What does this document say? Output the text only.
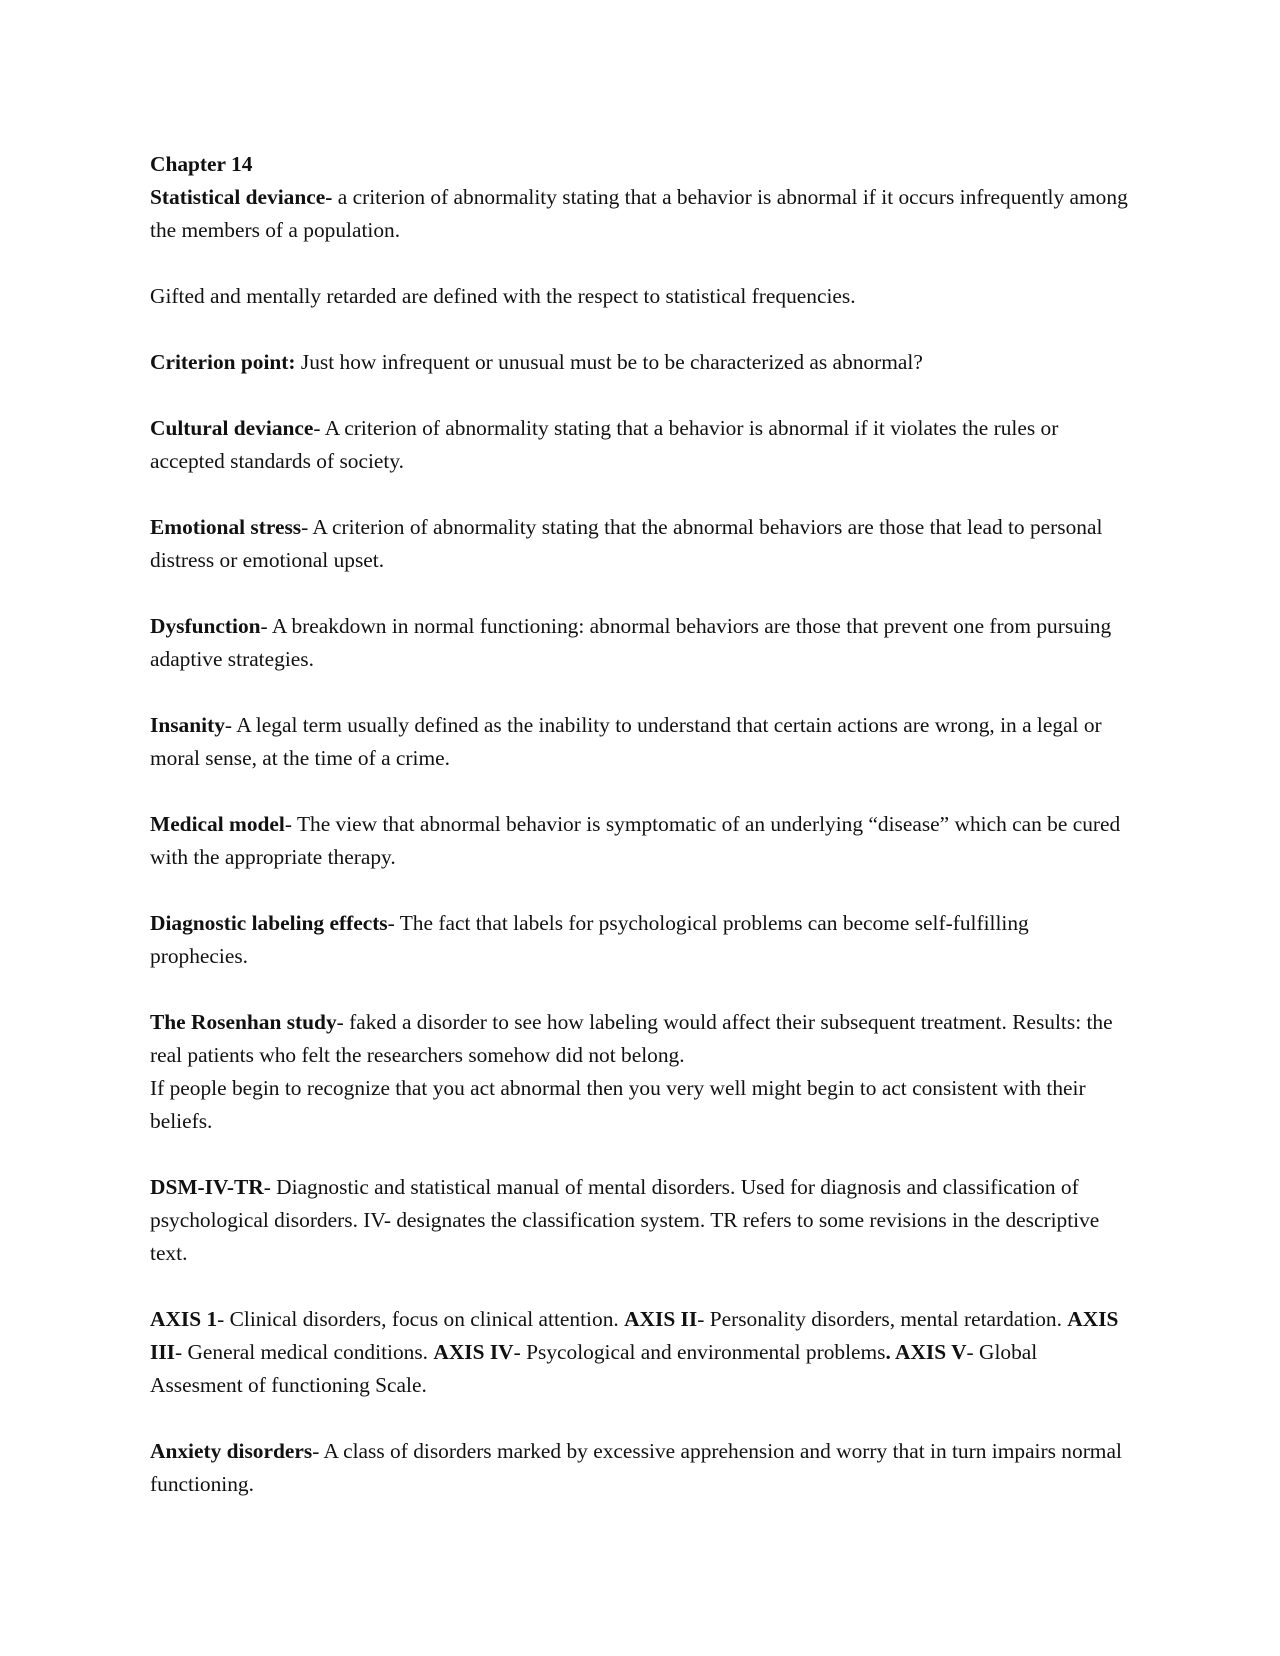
Chapter 14

Statistical deviance- a criterion of abnormality stating that a behavior is abnormal if it occurs infrequently among the members of a population.

Gifted and mentally retarded are defined with the respect to statistical frequencies.

Criterion point: Just how infrequent or unusual must be to be characterized as abnormal?

Cultural deviance- A criterion of abnormality stating that a behavior is abnormal if it violates the rules or accepted standards of society.

Emotional stress- A criterion of abnormality stating that the abnormal behaviors are those that lead to personal distress or emotional upset.

Dysfunction- A breakdown in normal functioning: abnormal behaviors are those that prevent one from pursuing adaptive strategies.

Insanity- A legal term usually defined as the inability to understand that certain actions are wrong, in a legal or moral sense, at the time of a crime.

Medical model- The view that abnormal behavior is symptomatic of an underlying “disease” which can be cured with the appropriate therapy.

Diagnostic labeling effects- The fact that labels for psychological problems can become self-fulfilling prophecies.

The Rosenhan study- faked a disorder to see how labeling would affect their subsequent treatment. Results: the real patients who felt the researchers somehow did not belong.

If people begin to recognize that you act abnormal then you very well might begin to act consistent with their beliefs.

DSM-IV-TR- Diagnostic and statistical manual of mental disorders. Used for diagnosis and classification of psychological disorders. IV- designates the classification system. TR refers to some revisions in the descriptive text.

AXIS 1- Clinical disorders, focus on clinical attention. AXIS II- Personality disorders, mental retardation. AXIS III- General medical conditions. AXIS IV- Psycological and environmental problems. AXIS V- Global Assesment of functioning Scale.

Anxiety disorders- A class of disorders marked by excessive apprehension and worry that in turn impairs normal functioning.
